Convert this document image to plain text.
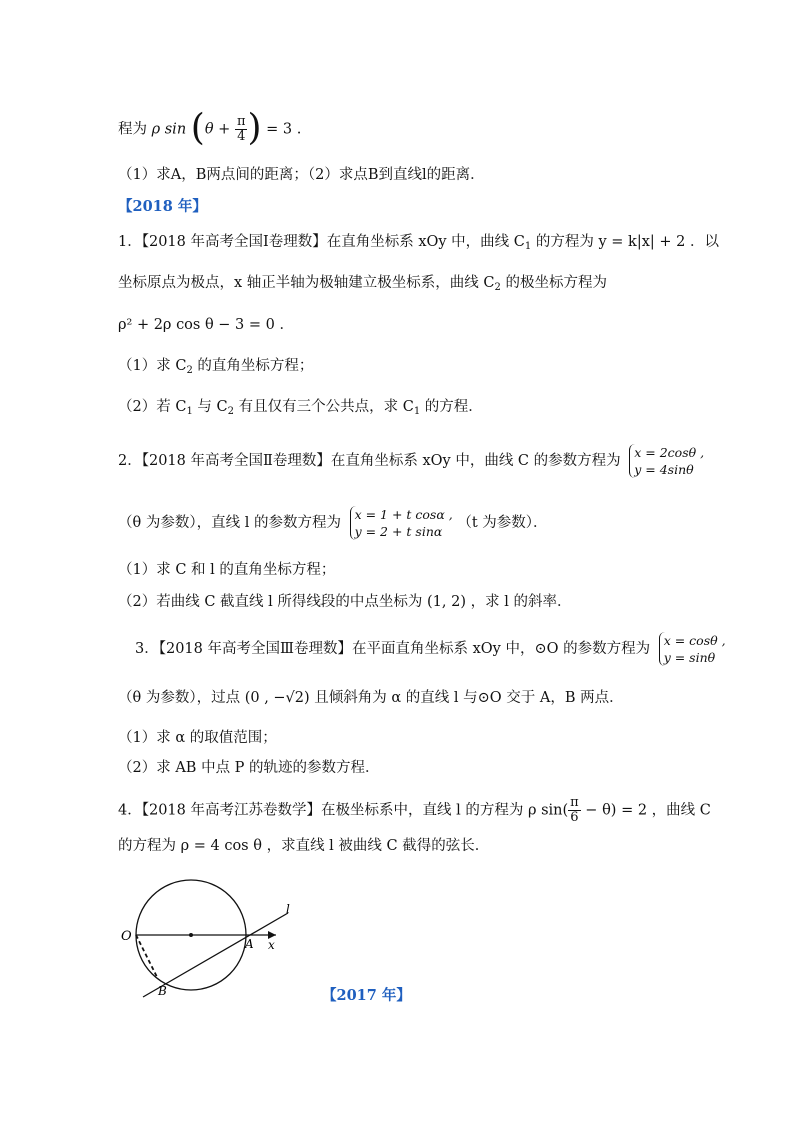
程为 ρ $\sin (\theta + \frac{\pi}{4}$ ) = 3 .
（1）求A，B两点间的距离；（2）求点B到直线l的距离．
【2018 年】
1．【2018 年高考全国Ⅰ卷理数】在直角坐标系 xOy 中，曲线 $C_1$ 的方程为 y = k|x| + 2 ．以
坐标原点为极点，x 轴正半轴为极轴建立极坐标系，曲线 $C_2$ 的极坐标方程为
ρ² + 2ρ cos θ − 3 = 0 ．
（1）求 $C_2$ 的直角坐标方程；
（2）若 $C_1$ 与 $C_2$ 有且仅有三个公共点，求 $C_1$ 的方程．
2．【2018 年高考全国Ⅱ卷理数】在直角坐标系 xOy 中，曲线 C 的参数方程为
x = 2cosθ ,
y = 4sinθ
（θ 为参数），直线 l 的参数方程为
x = 1 + t cosα ,
y = 2 + t sinα
（t 为参数）．
（1）求 C 和 l 的直角坐标方程；
（2）若曲线 C 截直线 l 所得线段的中点坐标为 (1, 2) ，求 l 的斜率．
3．【2018 年高考全国Ⅲ卷理数】在平面直角坐标系 xOy 中，⊙O 的参数方程为
x = cosθ ,
y = sinθ
（θ 为参数），过点 (0 , −√2) 且倾斜角为 α 的直线 l 与⊙O 交于 A，B 两点．
（1）求 α 的取值范围；
（2）求 AB 中点 P 的轨迹的参数方程．
4．【2018 年高考江苏卷数学】在极坐标系中，直线 l 的方程为 ρ $\sin( \frac{\pi}{6} - \theta) = 2$ ，曲线 C
的方程为 ρ = 4 cos θ ，求直线 l 被曲线 C 截得的弦长．
O	A
B
x
l
【2017 年】
